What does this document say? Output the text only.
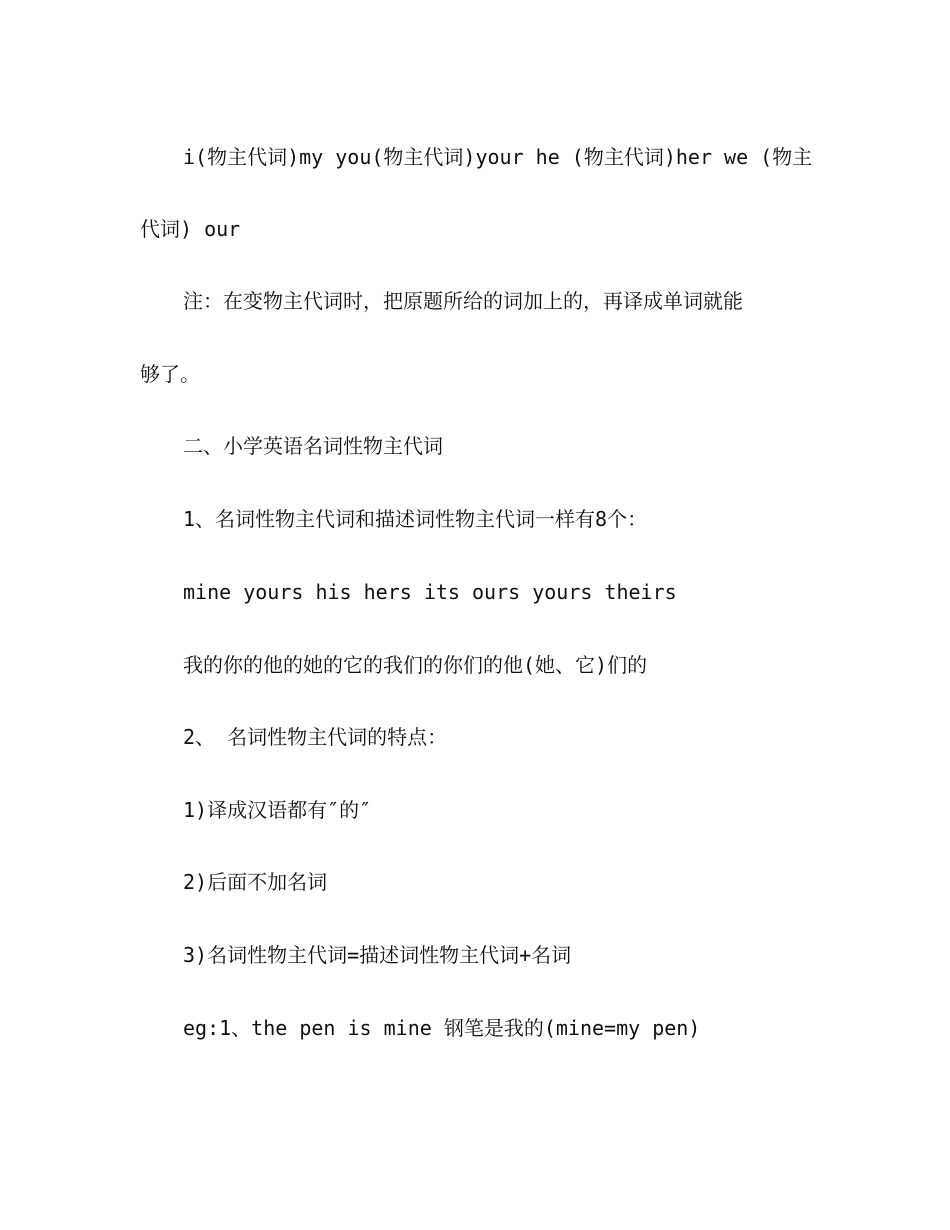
i(物主代词)my you(物主代词)your he (物主代词)her we (物主
代词) our
注：在变物主代词时，把原题所给的词加上的，再译成单词就能
够了。
二、小学英语名词性物主代词
1、名词性物主代词和描述词性物主代词一样有8个：
mine yours his hers its ours yours theirs
我的你的他的她的它的我们的你们的他(她、它)们的
2、 名词性物主代词的特点：
1)译成汉语都有″的″
2)后面不加名词
3)名词性物主代词=描述词性物主代词+名词
eg:1、the pen is mine 钢笔是我的(mine=my pen)
